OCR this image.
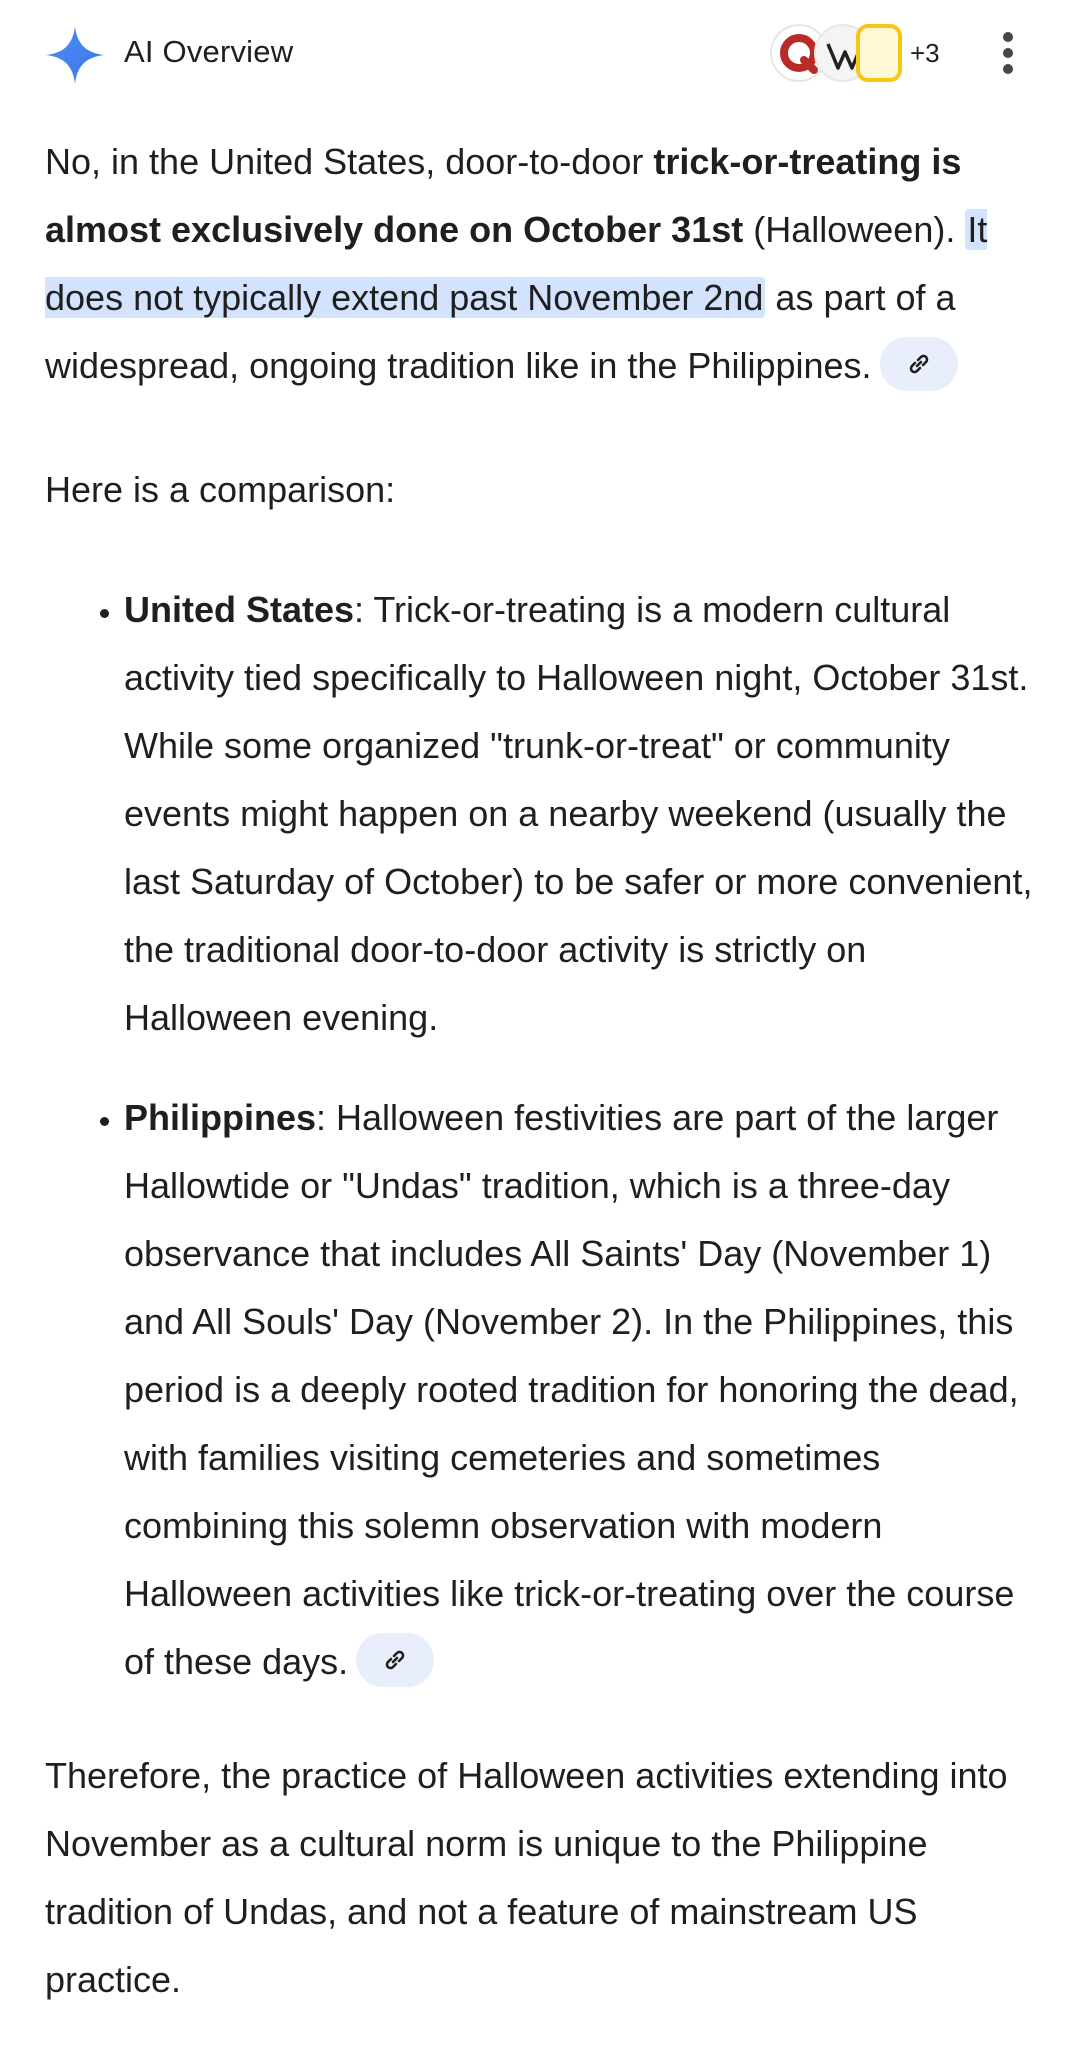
AI Overview	+3

No, in the United States, door-to-door trick-or-treating is almost exclusively done on October 31st (Halloween). It does not typically extend past November 2nd as part of a widespread, ongoing tradition like in the Philippines.

Here is a comparison:

• United States: Trick-or-treating is a modern cultural activity tied specifically to Halloween night, October 31st. While some organized "trunk-or-treat" or community events might happen on a nearby weekend (usually the last Saturday of October) to be safer or more convenient, the traditional door-to-door activity is strictly on Halloween evening.
• Philippines: Halloween festivities are part of the larger Hallowtide or "Undas" tradition, which is a three-day observance that includes All Saints' Day (November 1) and All Souls' Day (November 2). In the Philippines, this period is a deeply rooted tradition for honoring the dead, with families visiting cemeteries and sometimes combining this solemn observation with modern Halloween activities like trick-or-treating over the course of these days.

Therefore, the practice of Halloween activities extending into November as a cultural norm is unique to the Philippine tradition of Undas, and not a feature of mainstream US practice.
